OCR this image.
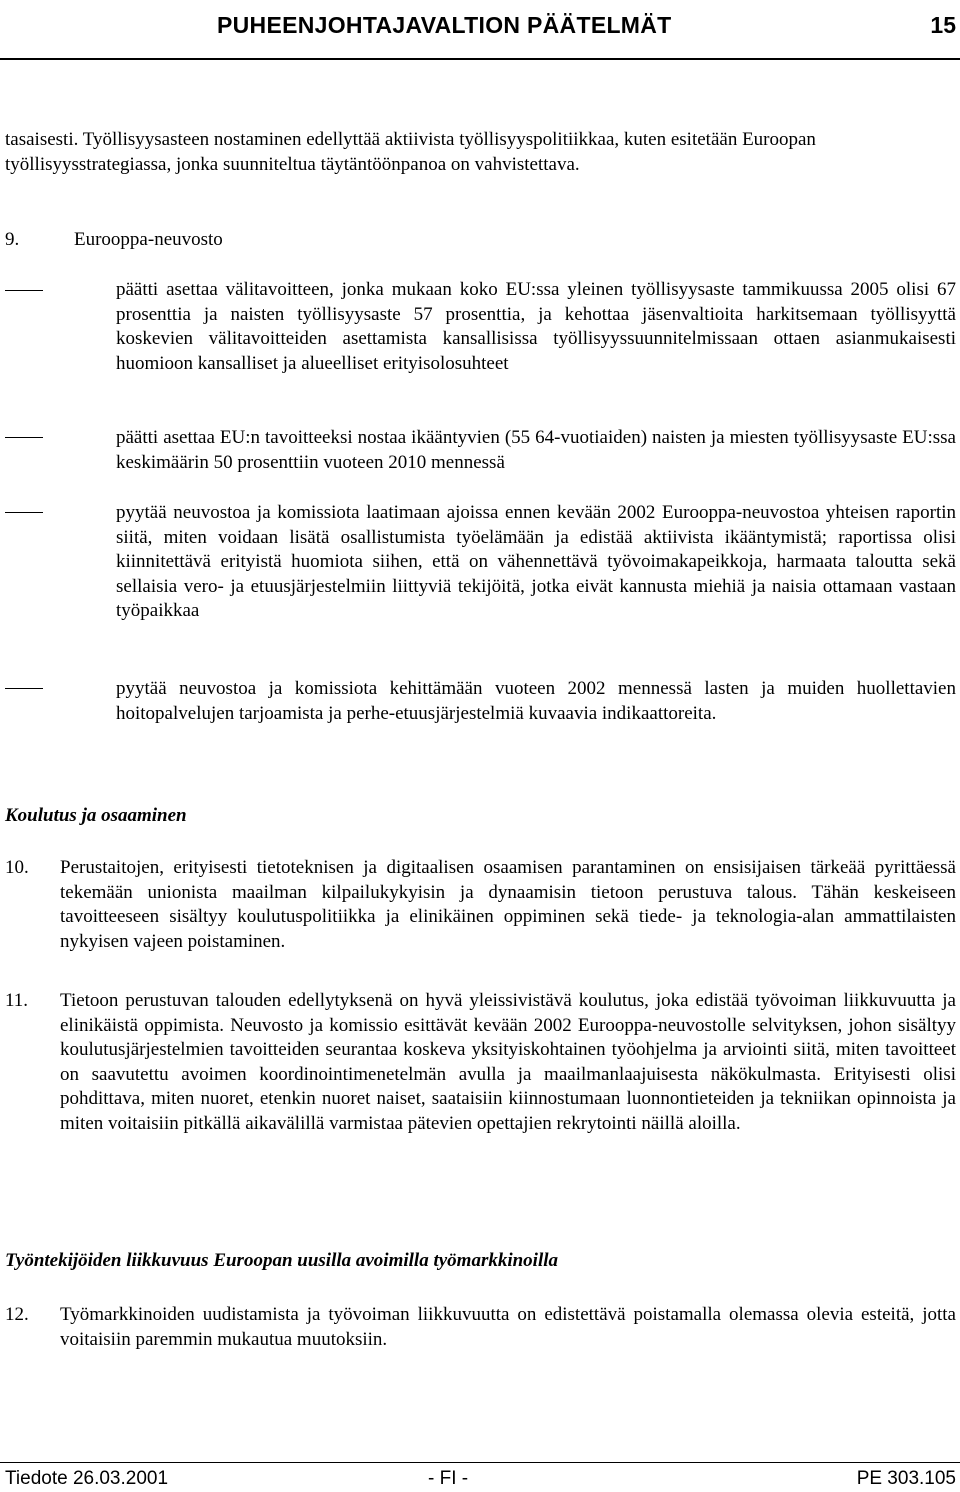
PUHEENJOHTAJAVALTION PÄÄTELMÄT	15

tasaisesti. Työllisyysasteen nostaminen edellyttää aktiivista työllisyyspolitiikkaa, kuten esitetään Euroopan työllisyysstrategiassa, jonka suunniteltua täytäntöönpanoa on vahvistettava.

9.	Eurooppa-neuvosto

päätti asettaa välitavoitteen, jonka mukaan koko EU:ssa yleinen työllisyysaste tammikuussa 2005 olisi 67 prosenttia ja naisten työllisyysaste 57 prosenttia, ja kehottaa jäsenvaltioita harkitsemaan työllisyyttä koskevien välitavoitteiden asettamista kansallisissa työllisyyssuunnitelmissaan ottaen asianmukaisesti huomioon kansalliset ja alueelliset erityisolosuhteet

päätti asettaa EU:n tavoitteeksi nostaa ikääntyvien (55 64-vuotiaiden) naisten ja miesten työllisyysaste EU:ssa keskimäärin 50 prosenttiin vuoteen 2010 mennessä

pyytää neuvostoa ja komissiota laatimaan ajoissa ennen kevään 2002 Eurooppa-neuvostoa yhteisen raportin siitä, miten voidaan lisätä osallistumista työelämään ja edistää aktiivista ikääntymistä; raportissa olisi kiinnitettävä erityistä huomiota siihen, että on vähennettävä työvoimakapeikkoja, harmaata taloutta sekä sellaisia vero- ja etuusjärjestelmiin liittyviä tekijöitä, jotka eivät kannusta miehiä ja naisia ottamaan vastaan työpaikkaa

pyytää neuvostoa ja komissiota kehittämään vuoteen 2002 mennessä lasten ja muiden huollettavien hoitopalvelujen tarjoamista ja perhe-etuusjärjestelmiä kuvaavia indikaattoreita.

Koulutus ja osaaminen
10. Perustaitojen, erityisesti tietoteknisen ja digitaalisen osaamisen parantaminen on ensisijaisen tärkeää pyrittäessä tekemään unionista maailman kilpailukykyisin ja dynaamisin tietoon perustuva talous. Tähän keskeiseen tavoitteeseen sisältyy koulutuspolitiikka ja elinikäinen oppiminen sekä tiede- ja teknologia-alan ammattilaisten nykyisen vajeen poistaminen.

11. Tietoon perustuvan talouden edellytyksenä on hyvä yleissivistävä koulutus, joka edistää työvoiman liikkuvuutta ja elinikäistä oppimista. Neuvosto ja komissio esittävät kevään 2002 Eurooppa-neuvostolle selvityksen, johon sisältyy koulutusjärjestelmien tavoitteiden seurantaa koskeva yksityiskohtainen työohjelma ja arviointi siitä, miten tavoitteet on saavutettu avoimen koordinointimenetelmän avulla ja maailmanlaajuisesta näkökulmasta. Erityisesti olisi pohdittava, miten nuoret, etenkin nuoret naiset, saataisiin kiinnostumaan luonnontieteiden ja tekniikan opinnoista ja miten voitaisiin pitkällä aikavälillä varmistaa pätevien opettajien rekrytointi näillä aloilla.

Työntekijöiden liikkuvuus Euroopan uusilla avoimilla työmarkkinoilla
12. Työmarkkinoiden uudistamista ja työvoiman liikkuvuutta on edistettävä poistamalla olemassa olevia esteitä, jotta voitaisiin paremmin mukautua muutoksiin.

Tiedote 26.03.2001	- FI -	PE 303.105
